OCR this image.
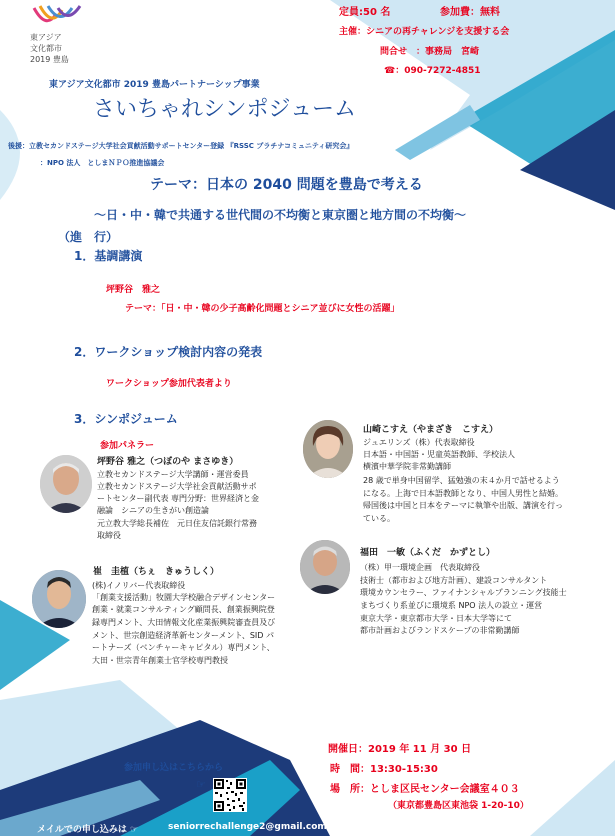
東アジア
文化都市
2019 豊島
定員:50 名	参加費：無料
主催：シニアの再チャレンジを支援する会
問合せ　：事務局　宮崎
☎：090-7272-4851
東アジア文化都市 2019 豊島パートナーシップ事業
さいちゃれシンポジューム
後援：立教セカンドステージ大学社会貢献活動サポートセンター登録 『RSSC プラチナコミュニティ研究会』
：NPO 法人　としまＮＰＯ推進協議会
テーマ：日本の 2040 問題を豊島で考える
〜日・中・韓で共通する世代間の不均衡と東京圏と地方間の不均衡〜
（進　行）
1．基調講演
坪野谷　雅之
テーマ：「日・中・韓の少子高齢化問題とシニア並びに女性の活躍」
2．ワークショップ検討内容の発表
ワークショップ参加代表者より
3．シンポジューム
参加パネラー
坪野谷 雅之（つぼのや まさゆき）
立教セカンドステージ大学講師・運営委員
立教セカンドステージ大学社会貢献活動サポ
ートセンター副代表 専門分野：世界経済と金
融論　シニアの生きがい創造論
元立教大学総長補佐　元日住友信託銀行常務
取締役
山崎こすえ（やまざき　こすえ）
ジュエリンズ（株）代表取締役
日本語・中国語・児童英語教師、学校法人
横濱中華学院非常勤講師
28 歳で単身中国留学、猛勉強の末４か月で話せるよう
になる。上海で日本語教師となり、中国人男性と結婚。
帰国後は中国と日本をテーマに執筆や出版、講演を行っ
ている。
崔　圭植（ちぇ　きゅうしく）
(株)イノリバー代表取締役
「創業支援活動」牧園大学校融合デザインセンター
創業・就業コンサルティング顧問長、創業振興院登
録専門メント、大田情報文化産業振興院審査員及び
メント、世宗創造経済革新センターメント、SID パ
ートナーズ（ベンチャーキャピタル）専門メント、
大田・世宗青年創業士官学校専門教授
福田　一敏（ふくだ　かずとし）
（株）甲一環境企画　代表取締役
技術士（都市および地方計画）、建設コンサルタント
環境カウンセラー、ファイナンシャルプランニング技能士
まちづくり系並びに環境系 NPO 法人の設立・運営
東京大学・東京都市大学・日本大学等にて
都市計画およびランドスケープの非常勤講師
参加申し込はこちらから
☞
メイルでの申し込みは ☞	seniorrechallenge2@gmail.com
開催日：2019 年 11 月 30 日
時　間：13:30-15:30
場　所：としま区民センター会議室４０３
（東京都豊島区東池袋 1-20-10）
